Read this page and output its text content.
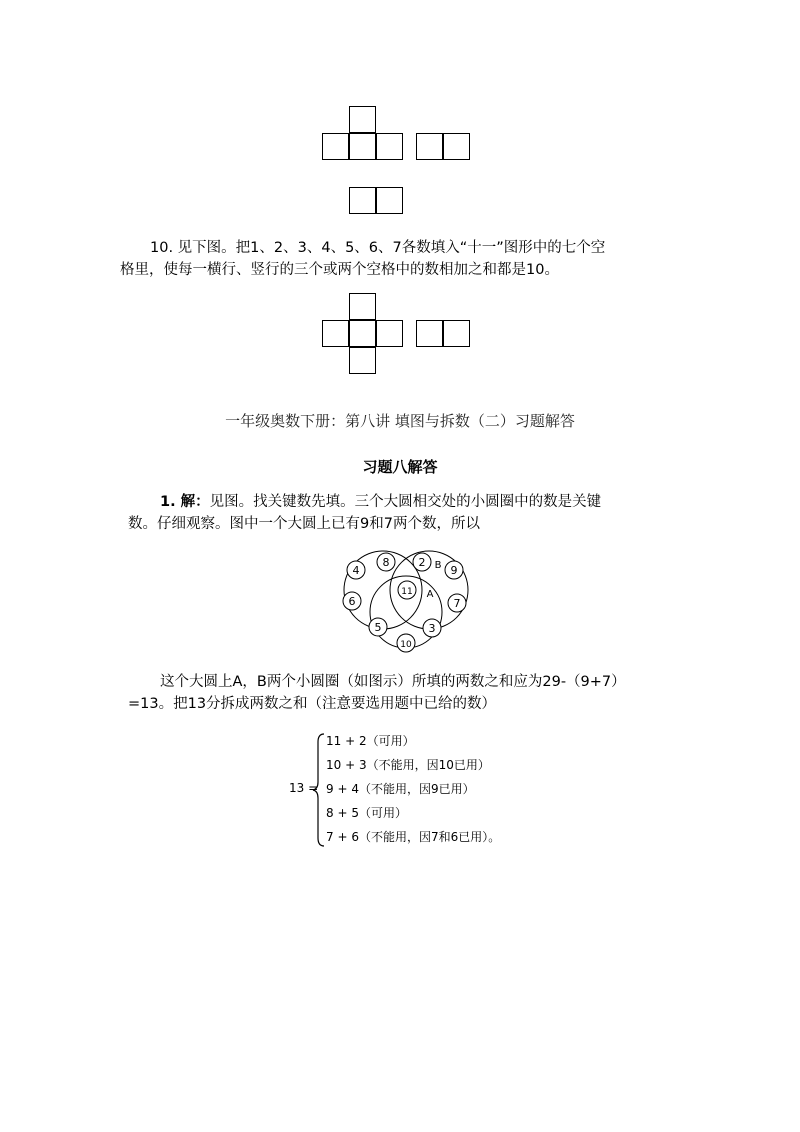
10. 见下图。把1、2、3、4、5、6、7各数填入“十一”图形中的七个空
格里，使每一横行、竖行的三个或两个空格中的数相加之和都是10。
一年级奥数下册：第八讲 填图与拆数（二）习题解答
习题八解答
1. 解：见图。找关键数先填。三个大圆相交处的小圆圈中的数是关键
数。仔细观察。图中一个大圆上已有9和7两个数，所以
4
8	2
9
11
6	7
5	3
10
B
A
这个大圆上A，B两个小圆圈（如图示）所填的两数之和应为29-（9+7）
=13。把13分拆成两数之和（注意要选用题中已给的数）
13 =
11 + 2（可用）
10 + 3（不能用，因10已用）
9 + 4（不能用，因9已用）
8 + 5（可用）
7 + 6（不能用，因7和6已用）。
